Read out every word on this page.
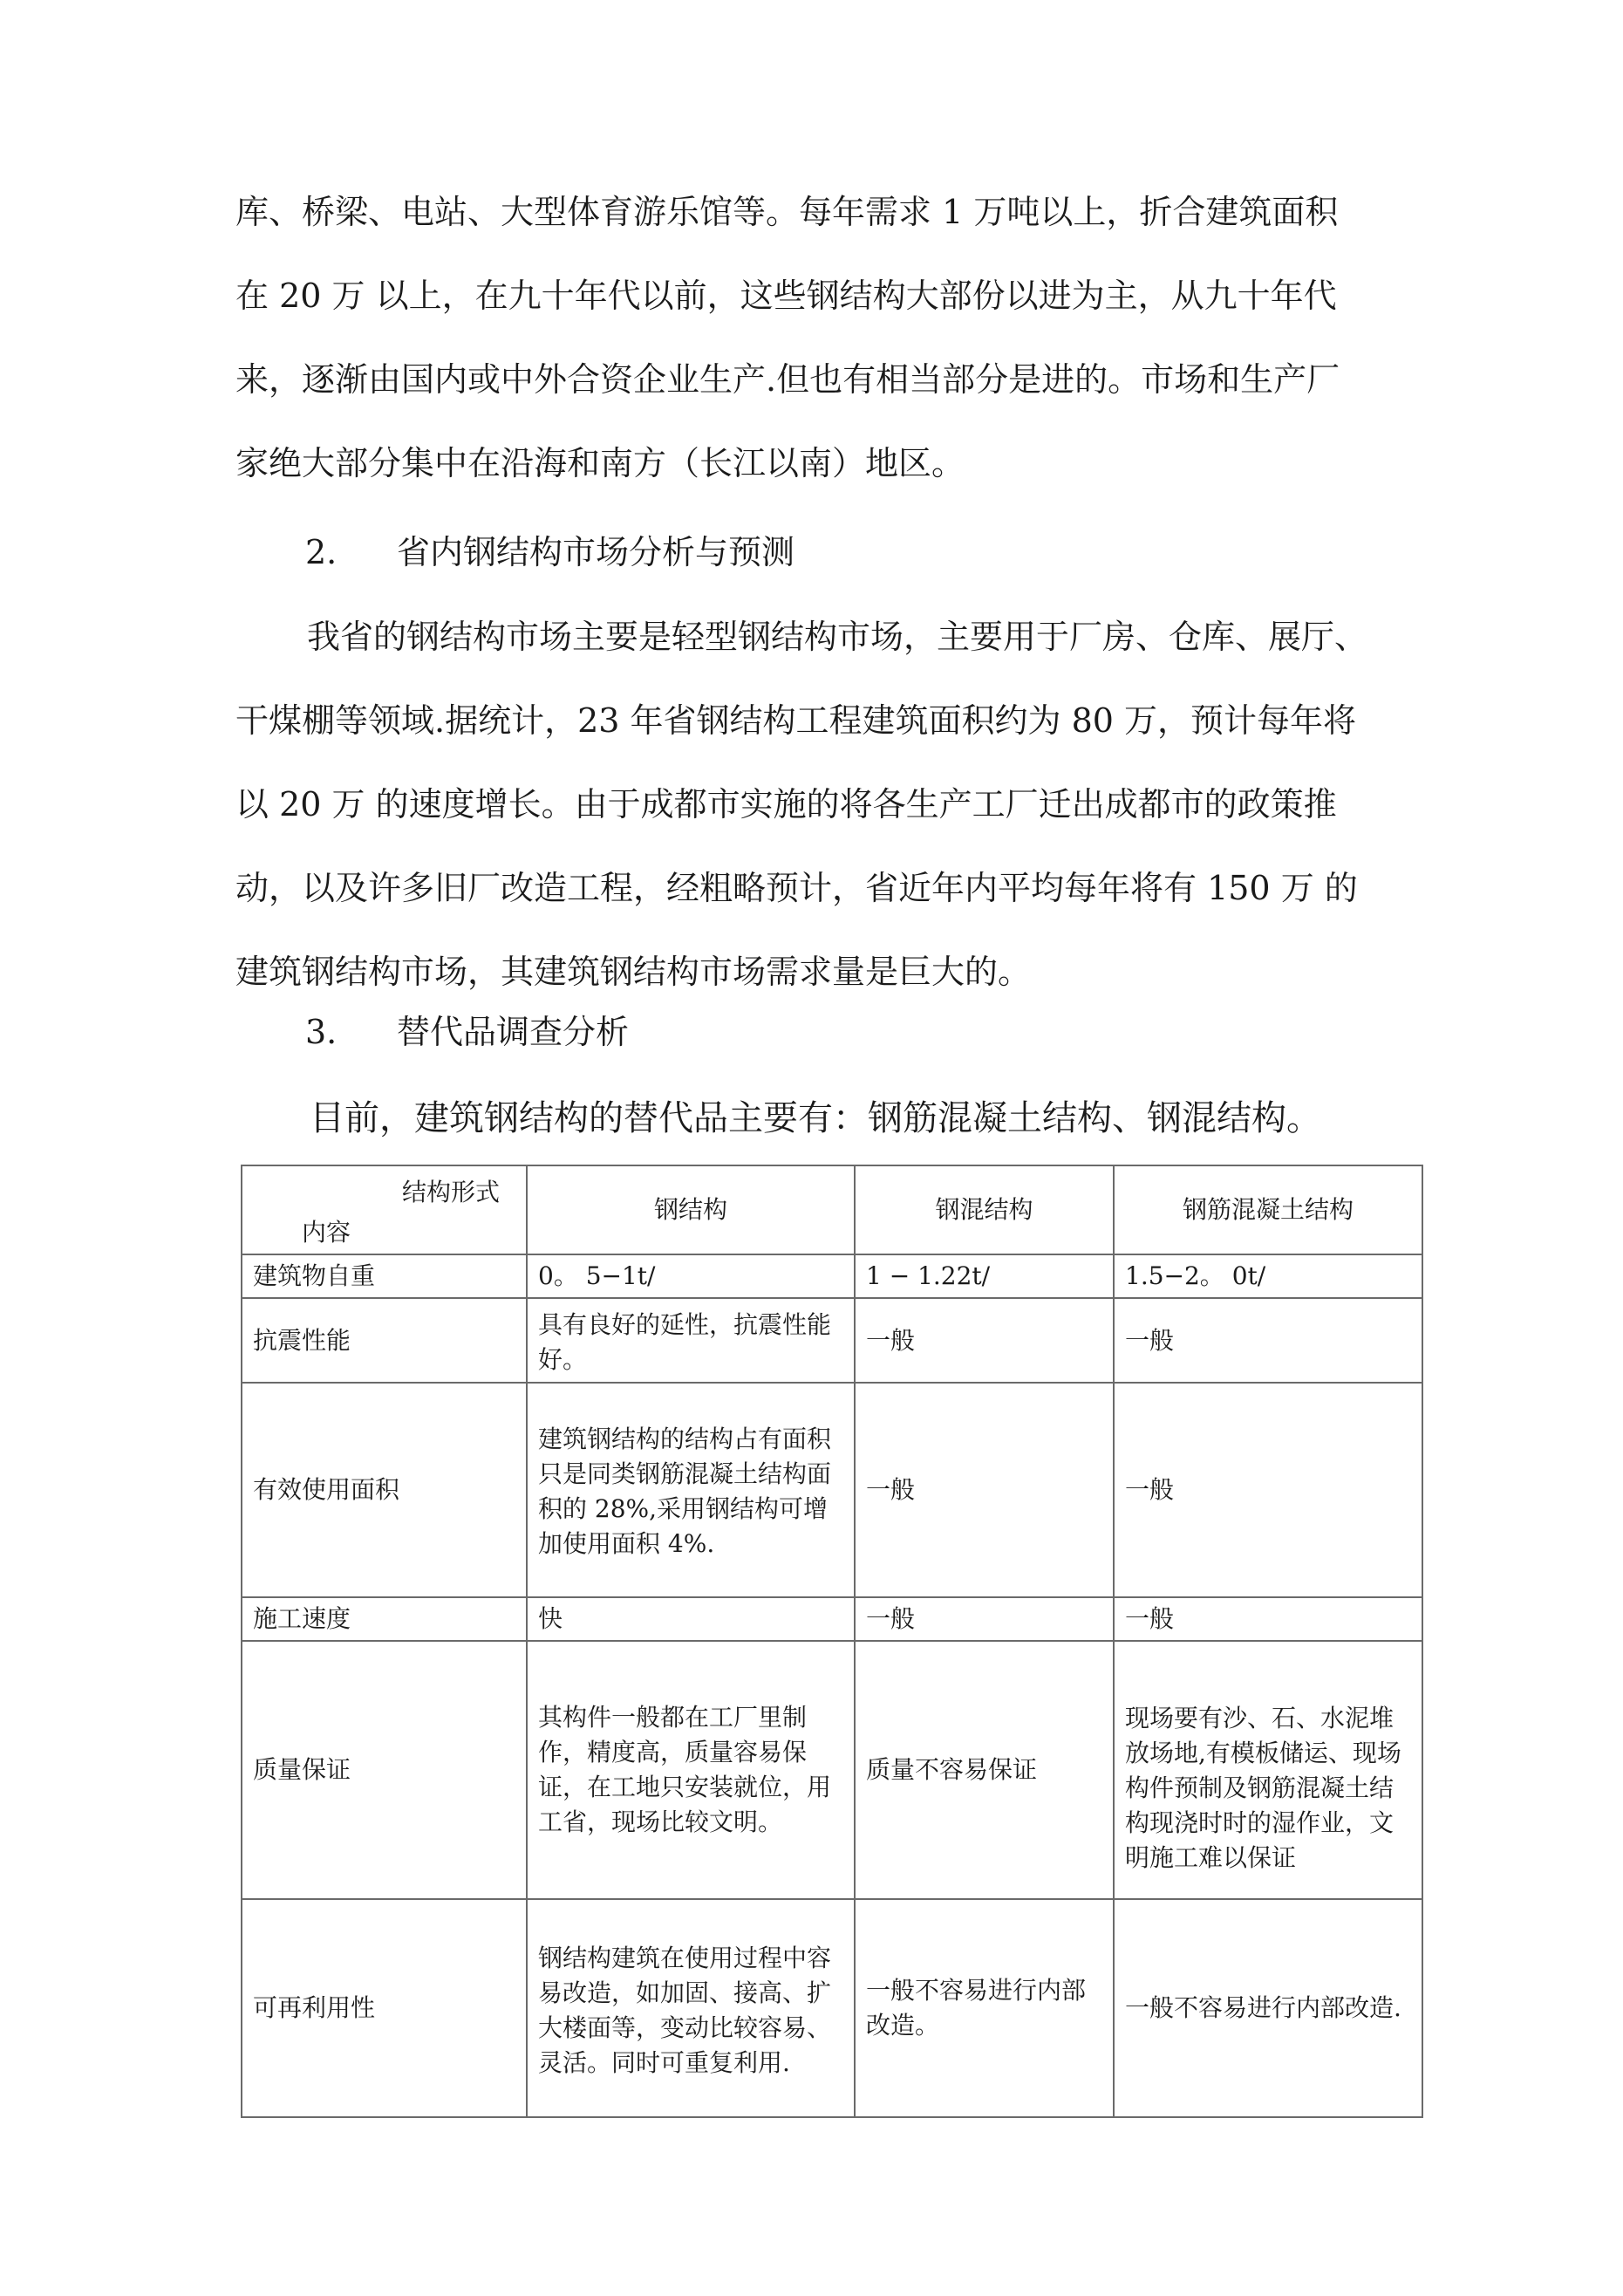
库、桥梁、电站、大型体育游乐馆等。每年需求 1 万吨以上，折合建筑面积
在 20 万 以上，在九十年代以前，这些钢结构大部份以进为主，从九十年代
来，逐渐由国内或中外合资企业生产.但也有相当部分是进的。市场和生产厂
家绝大部分集中在沿海和南方（长江以南）地区。
2. 省内钢结构市场分析与预测
我省的钢结构市场主要是轻型钢结构市场，主要用于厂房、仓库、展厅、
干煤棚等领域.据统计，23 年省钢结构工程建筑面积约为 80 万，预计每年将
以 20 万 的速度增长。由于成都市实施的将各生产工厂迁出成都市的政策推
动，以及许多旧厂改造工程，经粗略预计，省近年内平均每年将有 150 万 的
建筑钢结构市场，其建筑钢结构市场需求量是巨大的。
3. 替代品调查分析
目前，建筑钢结构的替代品主要有：钢筋混凝土结构、钢混结构。
结构形式
内容	钢结构	钢混结构	钢筋混凝土结构
建筑物自重	0。 5−1t/	1 − 1.22t/	1.5−2。 0t/
抗震性能	具有良好的延性，抗震性能好。	一般	一般
有效使用面积	建筑钢结构的结构占有面积只是同类钢筋混凝土结构面积的 28%,采用钢结构可增加使用面积 4%.	一般	一般
施工速度	快	一般	一般
质量保证	其构件一般都在工厂里制作，精度高，质量容易保证，在工地只安装就位，用工省，现场比较文明。	质量不容易保证	现场要有沙、石、水泥堆放场地,有模板储运、现场构件预制及钢筋混凝土结构现浇时时的湿作业，文明施工难以保证
可再利用性	钢结构建筑在使用过程中容易改造，如加固、接高、扩大楼面等，变动比较容易、灵活。同时可重复利用.	一般不容易进行内部改造。	一般不容易进行内部改造.
